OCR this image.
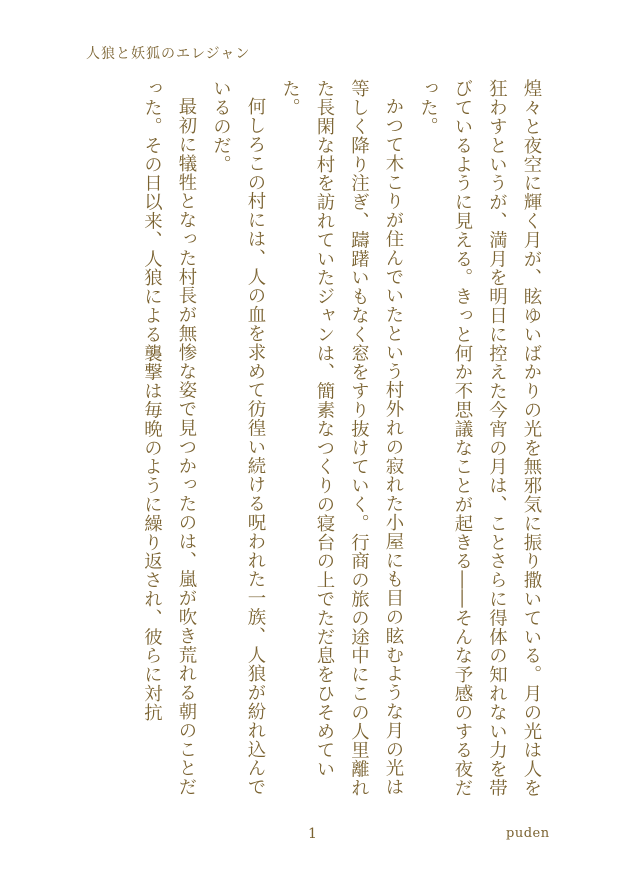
人狼と妖狐のエレジャン

煌々と夜空に輝く月が、眩ゆいばかりの光を無邪気に振り撒いている。月の光は人を狂わすというが、満月を明日に控えた今宵の月は、ことさらに得体の知れない力を帯びているように見える。きっと何か不思議なことが起きる――そんな予感のする夜だった。

かつて木こりが住んでいたという村外れの寂れた小屋にも目の眩むような月の光は等しく降り注ぎ、躊躇いもなく窓をすり抜けていく。行商の旅の途中にこの人里離れた長閑な村を訪れていたジャンは、簡素なつくりの寝台の上でただ息をひそめていた。

何しろこの村には、人の血を求めて彷徨い続ける呪われた一族、人狼が紛れ込んでいるのだ。

最初に犠牲となった村長が無惨な姿で見つかったのは、嵐が吹き荒れる朝のことだった。その日以来、人狼による襲撃は毎晩のように繰り返され、彼らに対抗

1	puden
